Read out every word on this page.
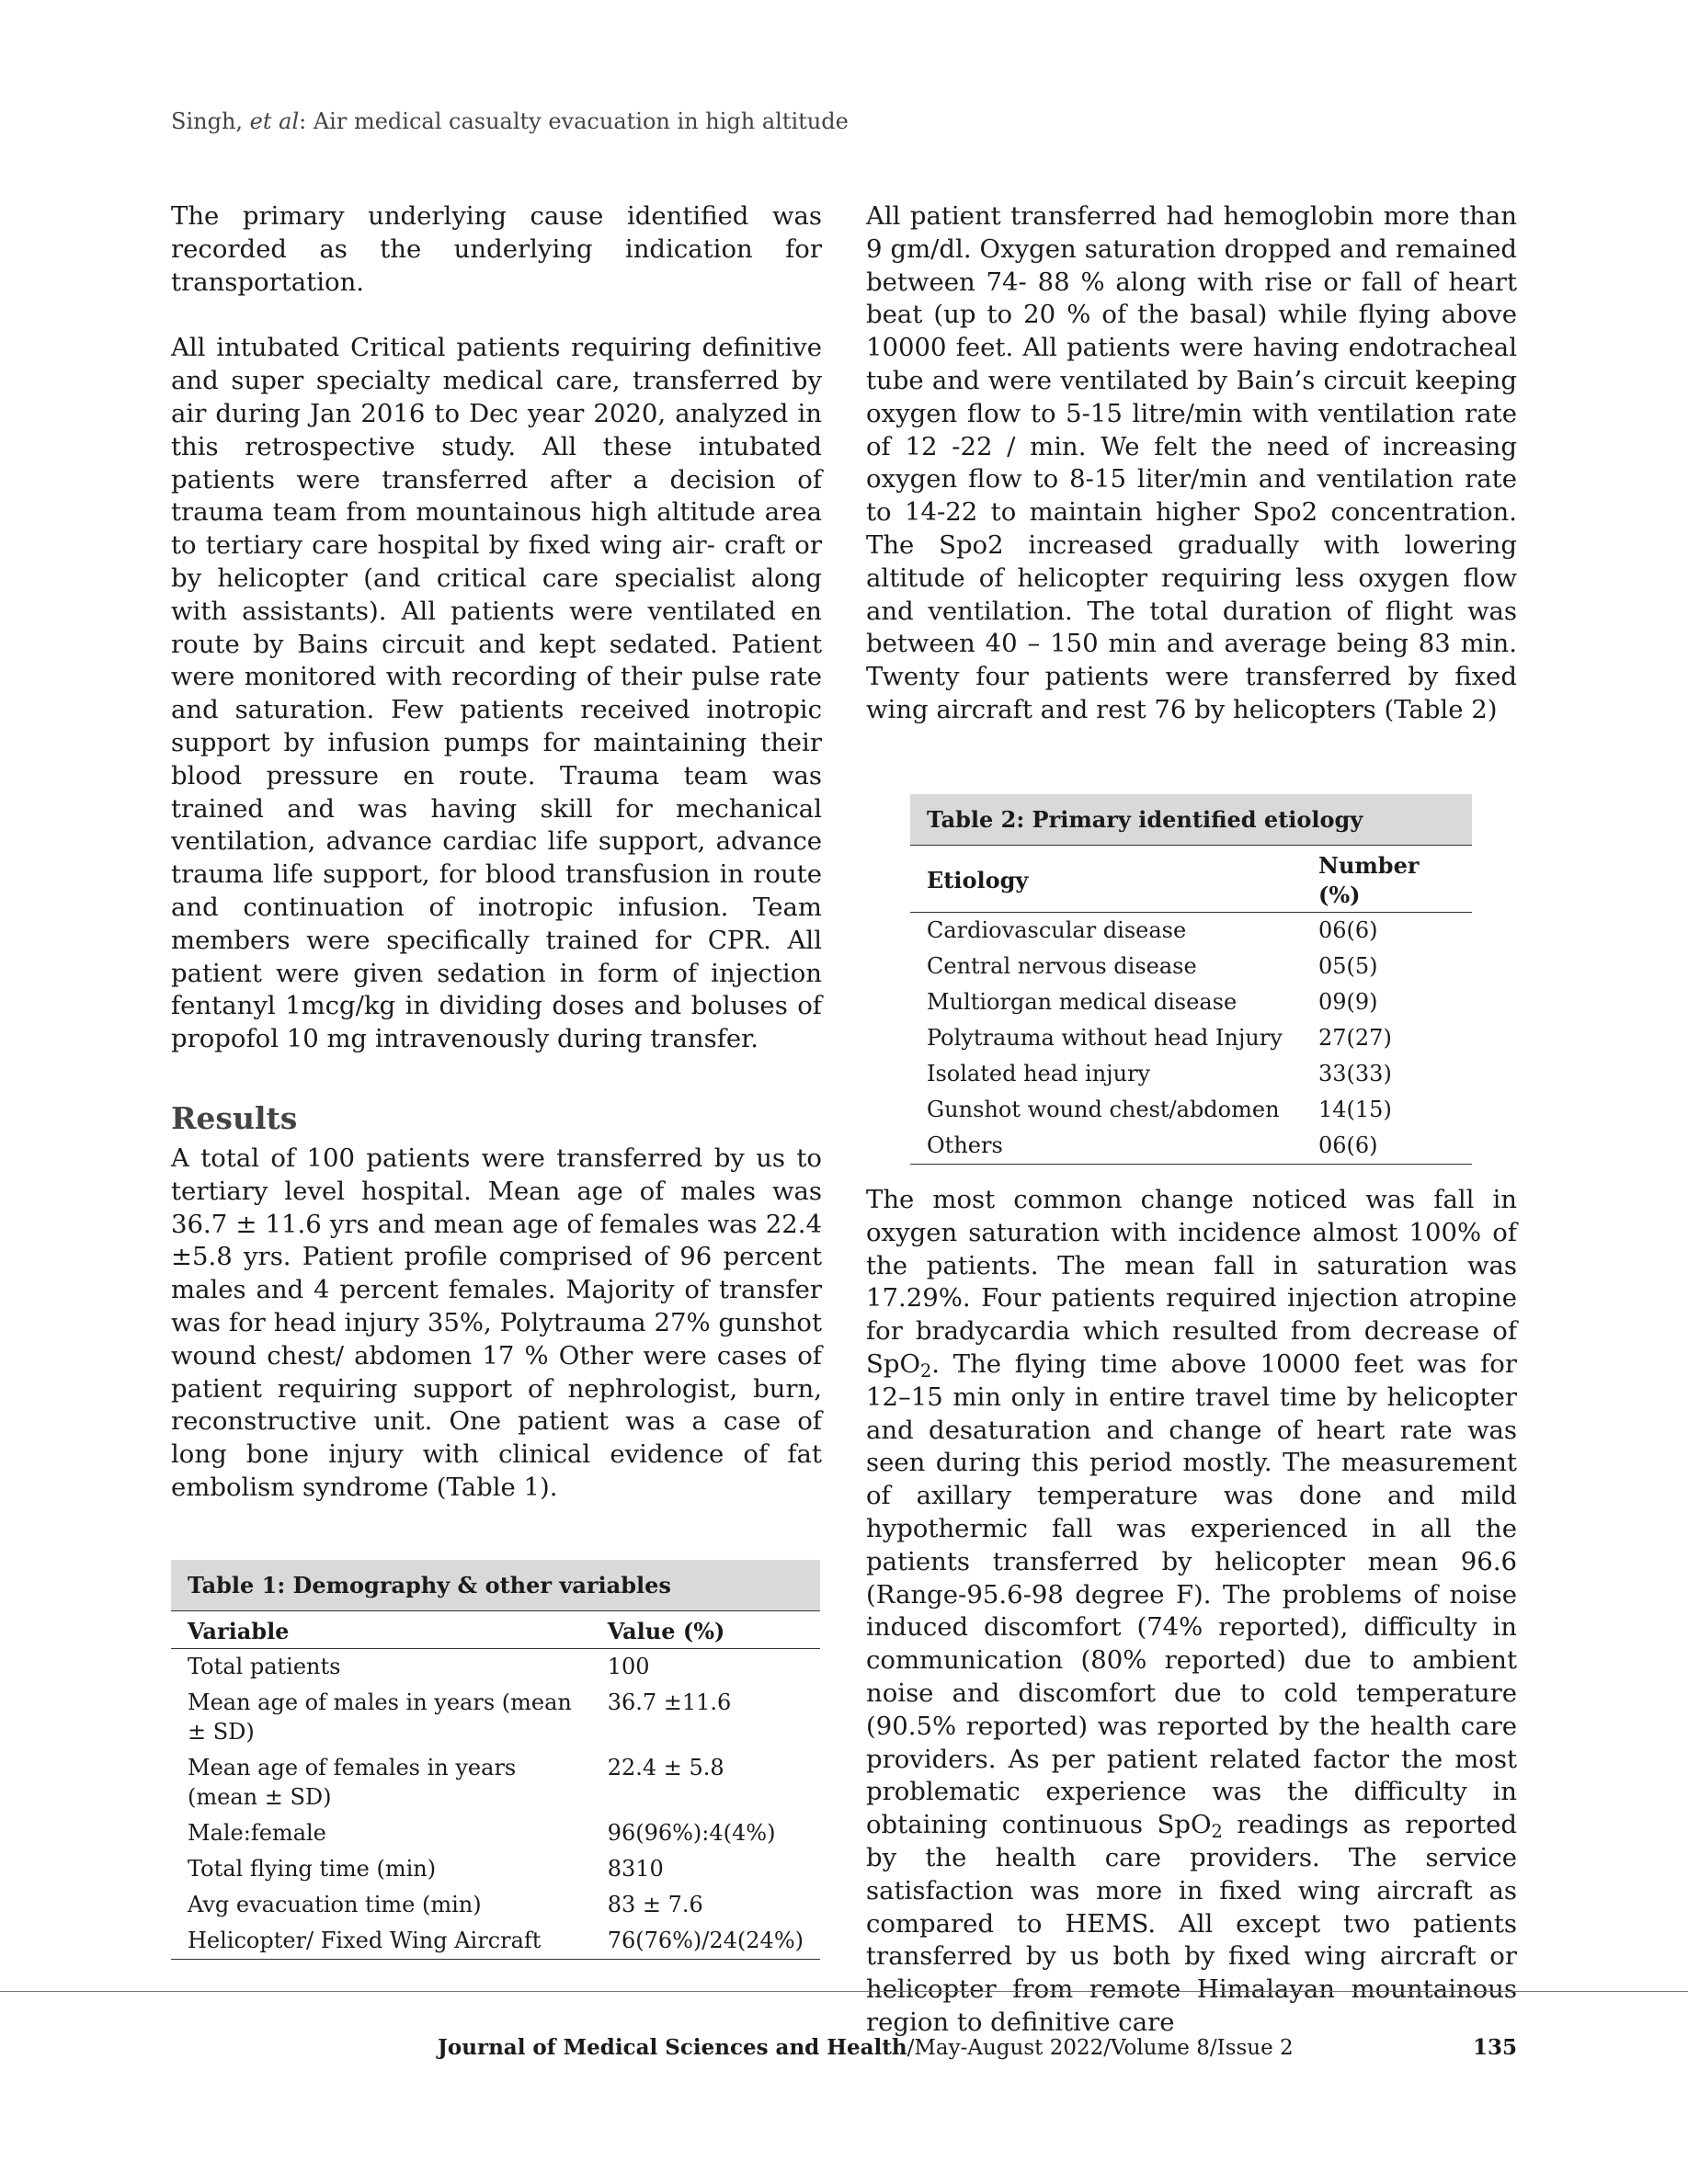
Singh, et al: Air medical casualty evacuation in high altitude

The primary underlying cause identified was recorded as the underlying indication for transportation.

All intubated Critical patients requiring definitive and super specialty medical care, transferred by air during Jan 2016 to Dec year 2020, analyzed in this retrospective study. All these intubated patients were transferred after a decision of trauma team from mountainous high altitude area to tertiary care hospital by fixed wing air- craft or by helicopter (and critical care specialist along with assistants). All patients were ventilated en route by Bains circuit and kept sedated. Patient were monitored with recording of their pulse rate and saturation. Few patients received inotropic support by infusion pumps for maintaining their blood pressure en route. Trauma team was trained and was having skill for mechanical ventilation, advance cardiac life support, advance trauma life support, for blood transfusion in route and continuation of inotropic infusion. Team members were specifically trained for CPR. All patient were given sedation in form of injection fentanyl 1mcg/kg in dividing doses and boluses of propofol 10 mg intravenously during transfer.

Results

A total of 100 patients were transferred by us to tertiary level hospital. Mean age of males was 36.7 ± 11.6 yrs and mean age of females was 22.4 ±5.8 yrs. Patient profile comprised of 96 percent males and 4 percent females. Majority of transfer was for head injury 35%, Polytrauma 27% gunshot wound chest/ abdomen 17 % Other were cases of patient requiring support of nephrologist, burn, reconstructive unit. One patient was a case of long bone injury with clinical evidence of fat embolism syndrome (Table 1).

All patient transferred had hemoglobin more than 9 gm/dl. Oxygen saturation dropped and remained between 74- 88 % along with rise or fall of heart beat (up to 20 % of the basal) while flying above 10000 feet. All patients were having endotracheal tube and were ventilated by Bain’s circuit keeping oxygen flow to 5-15 litre/min with ventilation rate of 12 -22 / min. We felt the need of increasing oxygen flow to 8-15 liter/min and ventilation rate to 14-22 to maintain higher Spo2 concentration. The Spo2 increased gradually with lowering altitude of helicopter requiring less oxygen flow and ventilation. The total duration of flight was between 40 – 150 min and average being 83 min. Twenty four patients were transferred by fixed wing aircraft and rest 76 by helicopters (Table 2)

The most common change noticed was fall in oxygen saturation with incidence almost 100% of the patients. The mean fall in saturation was 17.29%. Four patients required injection atropine for bradycardia which resulted from decrease of SpO$_2$. The flying time above 10000 feet was for 12–15 min only in entire travel time by helicopter and desaturation and change of heart rate was seen during this period mostly. The measurement of axillary temperature was done and mild hypothermic fall was experienced in all the patients transferred by helicopter mean 96.6 (Range-95.6-98 degree F). The problems of noise induced discomfort (74% reported), difficulty in communication (80% reported) due to ambient noise and discomfort due to cold temperature (90.5% reported) was reported by the health care providers. As per patient related factor the most problematic experience was the difficulty in obtaining continuous SpO$_2$ readings as reported by the health care providers. The service satisfaction was more in fixed wing aircraft as compared to HEMS. All except two patients transferred by us both by fixed wing aircraft or helicopter from remote Himalayan mountainous region to definitive care

Table 2: Primary identified etiology
Etiology	Number (%)
Cardiovascular disease	06(6)
Central nervous disease	05(5)
Multiorgan medical disease	09(9)
Polytrauma without head Injury	27(27)
Isolated head injury	33(33)
Gunshot wound chest/abdomen	14(15)
Others	06(6)
Table 1: Demography & other variables
Variable	Value (%)
Total patients	100
Mean age of males in years (mean ± SD)	36.7 ±11.6
Mean age of females in years (mean ± SD)	22.4 ± 5.8
Male:female	96(96%):4(4%)
Total flying time (min)	8310
Avg evacuation time (min)	83 ± 7.6
Helicopter/ Fixed Wing Aircraft	76(76%)/24(24%)
Journal of Medical Sciences and Health/May-August 2022/Volume 8/Issue 2	135
